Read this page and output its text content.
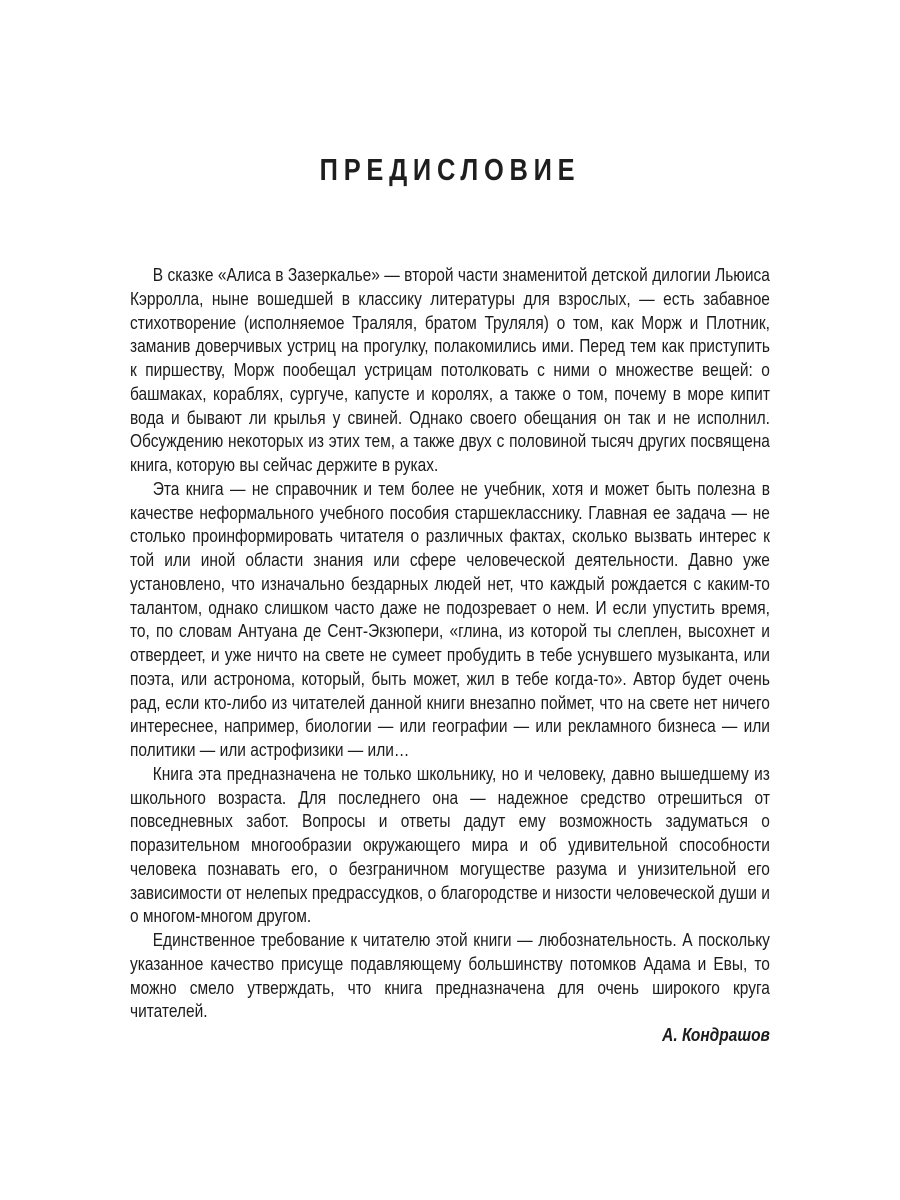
ПРЕДИСЛОВИЕ

В сказке «Алиса в Зазеркалье» — второй части знаменитой детской дилогии Льюиса Кэрролла, ныне вошедшей в классику литературы для взрослых, — есть забавное стихотворение (исполняемое Траляля, братом Труляля) о том, как Морж и Плотник, заманив доверчивых устриц на прогулку, полакомились ими. Перед тем как приступить к пиршеству, Морж пообещал устрицам потолковать с ними о множестве вещей: о башмаках, кораблях, сургуче, капусте и королях, а также о том, почему в море кипит вода и бывают ли крылья у свиней. Однако своего обещания он так и не исполнил. Обсуждению некоторых из этих тем, а также двух с половиной тысяч других посвящена книга, которую вы сейчас держите в руках.

Эта книга — не справочник и тем более не учебник, хотя и может быть полезна в качестве неформального учебного пособия старшекласснику. Главная ее задача — не столько проинформировать читателя о различных фактах, сколько вызвать интерес к той или иной области знания или сфере человеческой деятельности. Давно уже установлено, что изначально бездарных людей нет, что каждый рождается с каким-то талантом, однако слишком часто даже не подозревает о нем. И если упустить время, то, по словам Антуана де Сент-Экзюпери, «глина, из которой ты слеплен, высохнет и отвердеет, и уже ничто на свете не сумеет пробудить в тебе уснувшего музыканта, или поэта, или астронома, который, быть может, жил в тебе когда-то». Автор будет очень рад, если кто-либо из читателей данной книги внезапно поймет, что на свете нет ничего интереснее, например, биологии — или географии — или рекламного бизнеса — или политики — или астрофизики — или…

Книга эта предназначена не только школьнику, но и человеку, давно вышедшему из школьного возраста. Для последнего она — надежное средство отрешиться от повседневных забот. Вопросы и ответы дадут ему возможность задуматься о поразительном многообразии окружающего мира и об удивительной способности человека познавать его, о безграничном могуществе разума и унизительной его зависимости от нелепых предрассудков, о благородстве и низости человеческой души и о многом-многом другом.

Единственное требование к читателю этой книги — любознательность. А поскольку указанное качество присуще подавляющему большинству потомков Адама и Евы, то можно смело утверждать, что книга предназначена для очень широкого круга читателей.

А. Кондрашов
